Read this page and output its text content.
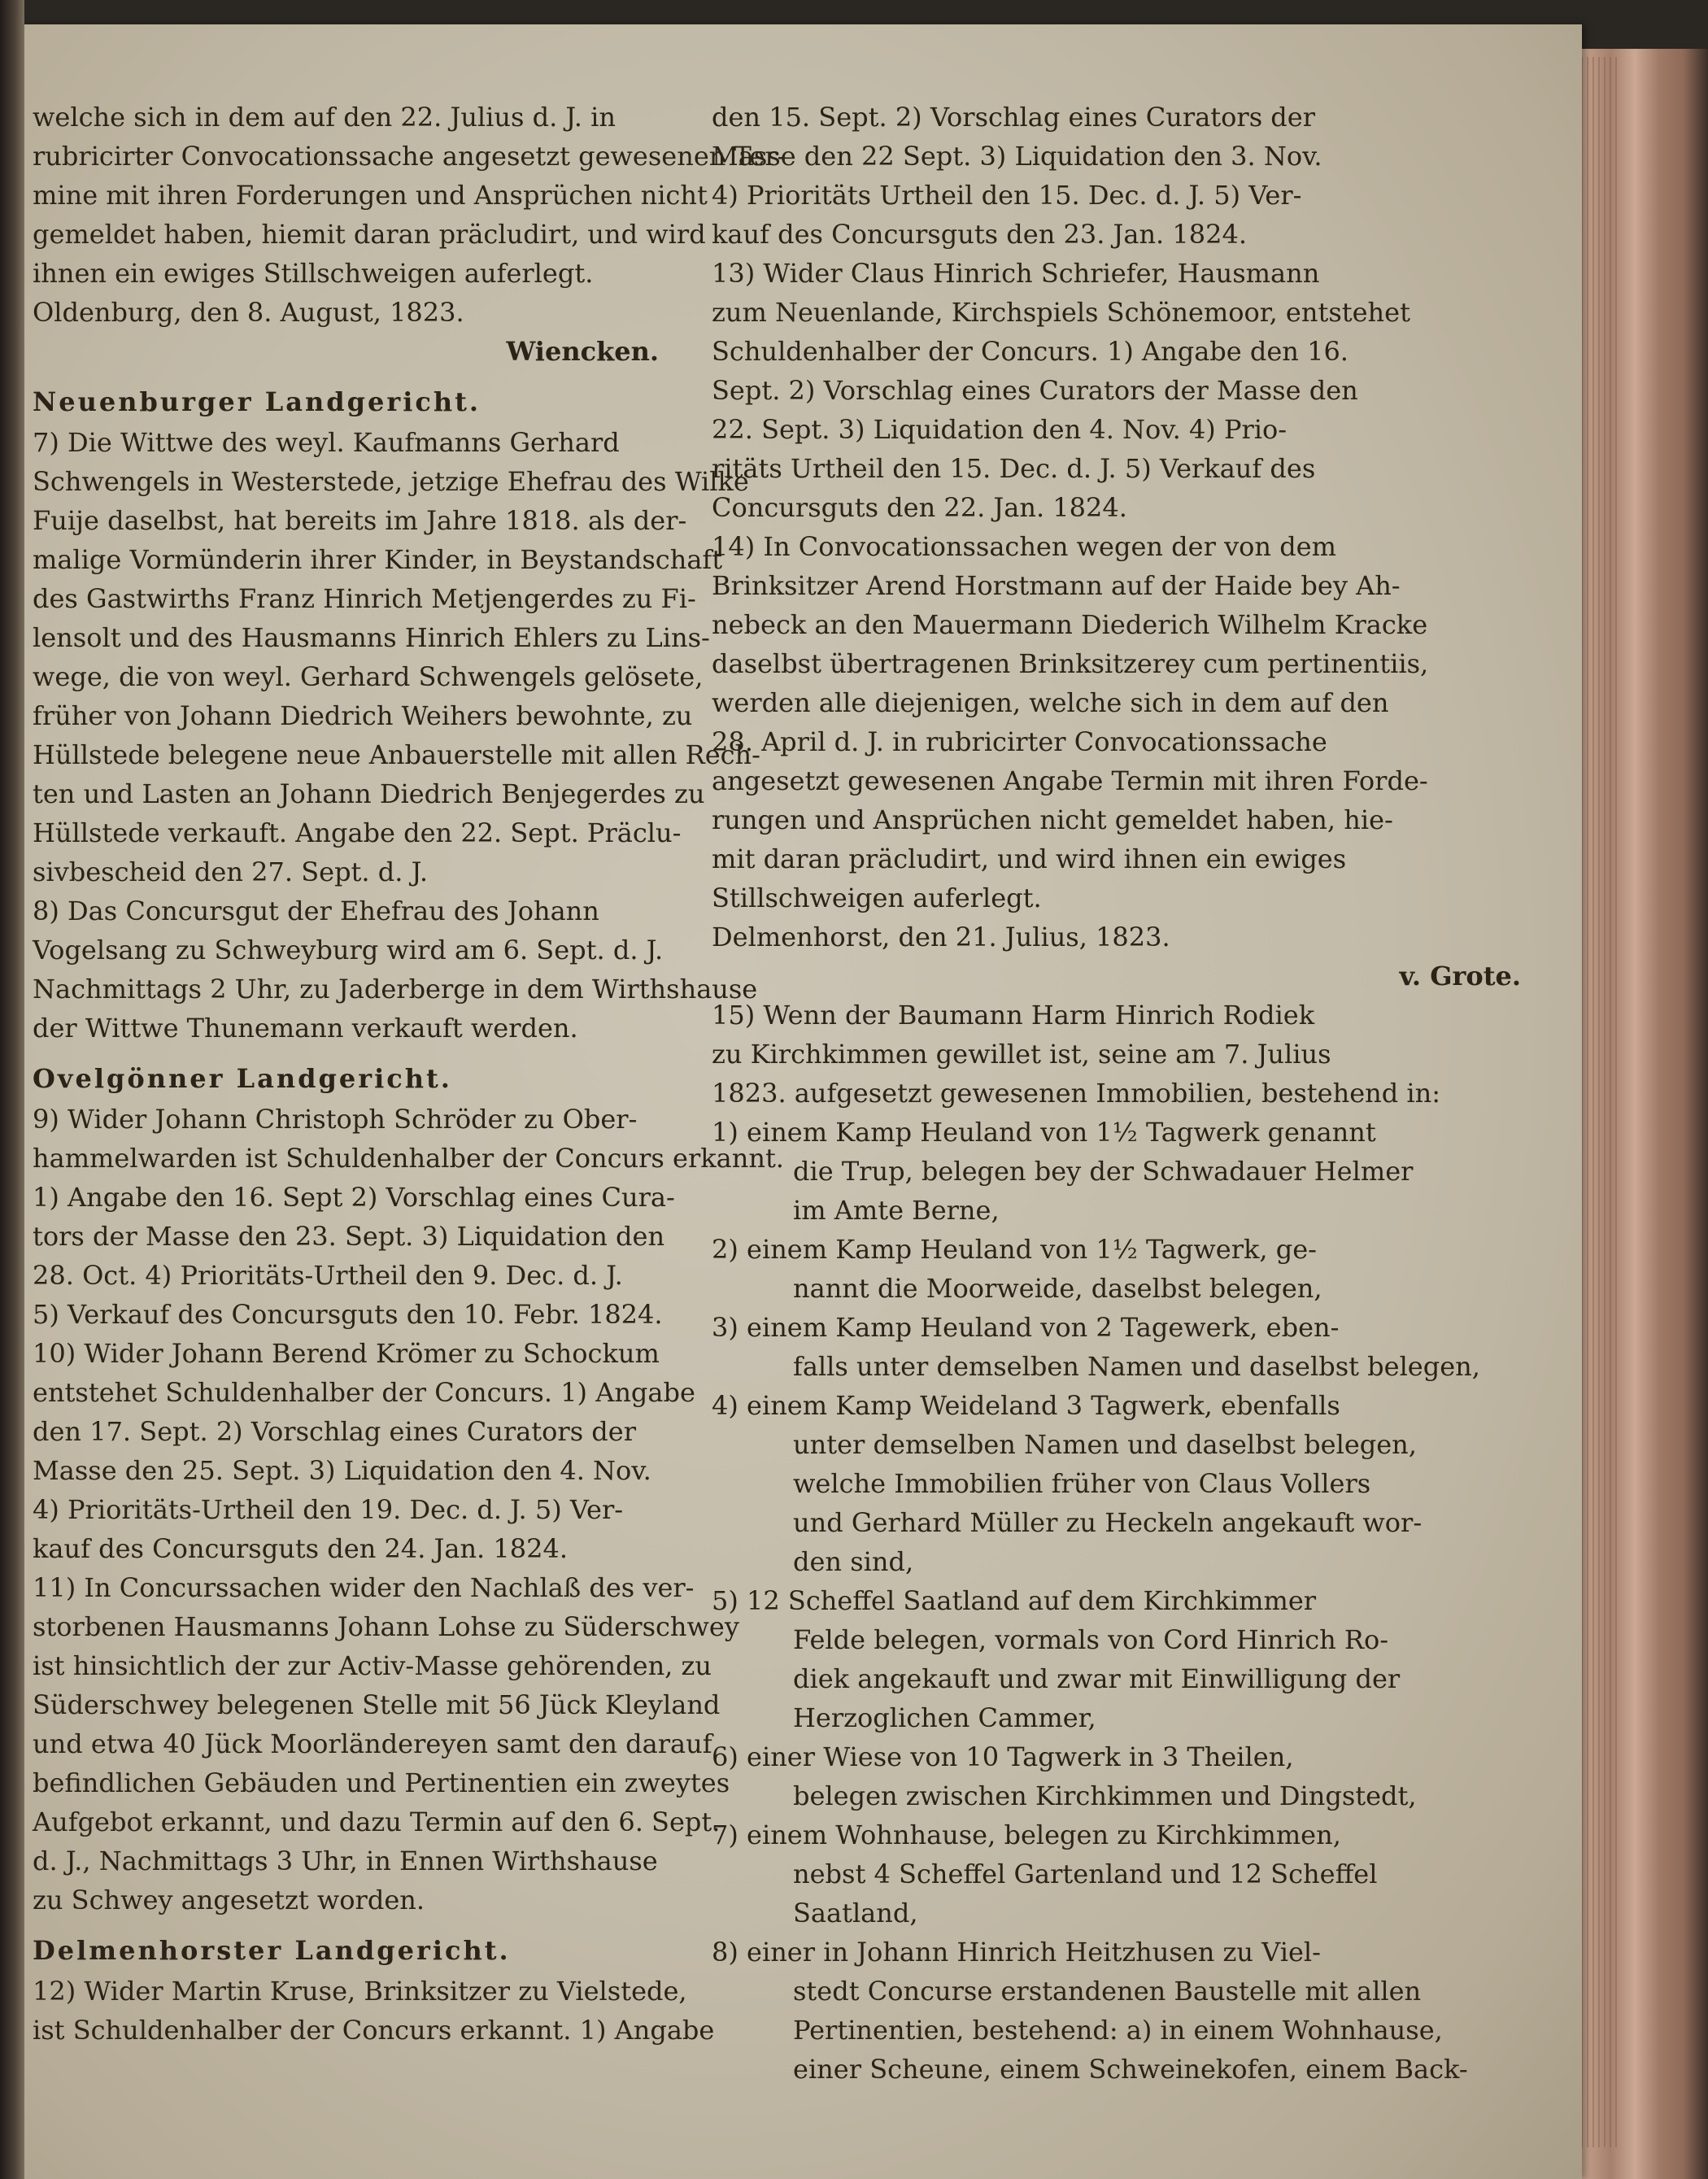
welche sich in dem auf den 22. Julius d. J. in
rubricirter Convocationssache angesetzt gewesenen Ter-
mine mit ihren Forderungen und Ansprüchen nicht
gemeldet haben, hiemit daran präcludirt, und wird
ihnen ein ewiges Stillschweigen auferlegt.
Oldenburg, den 8. August, 1823.
Wiencken.
Neuenburger Landgericht.
7) Die Wittwe des weyl. Kaufmanns Gerhard
Schwengels in Westerstede, jetzige Ehefrau des Wilke
Fuije daselbst, hat bereits im Jahre 1818. als der-
malige Vormünderin ihrer Kinder, in Beystandschaft
des Gastwirths Franz Hinrich Metjengerdes zu Fi-
lensolt und des Hausmanns Hinrich Ehlers zu Lins-
wege, die von weyl. Gerhard Schwengels gelösete,
früher von Johann Diedrich Weihers bewohnte, zu
Hüllstede belegene neue Anbauerstelle mit allen Rech-
ten und Lasten an Johann Diedrich Benjegerdes zu
Hüllstede verkauft. Angabe den 22. Sept. Präclu-
sivbescheid den 27. Sept. d. J.
8) Das Concursgut der Ehefrau des Johann
Vogelsang zu Schweyburg wird am 6. Sept. d. J.
Nachmittags 2 Uhr, zu Jaderberge in dem Wirthshause
der Wittwe Thunemann verkauft werden.
Ovelgönner Landgericht.
9) Wider Johann Christoph Schröder zu Ober-
hammelwarden ist Schuldenhalber der Concurs erkannt.
1) Angabe den 16. Sept 2) Vorschlag eines Cura-
tors der Masse den 23. Sept. 3) Liquidation den
28. Oct. 4) Prioritäts-Urtheil den 9. Dec. d. J.
5) Verkauf des Concursguts den 10. Febr. 1824.
10) Wider Johann Berend Krömer zu Schockum
entstehet Schuldenhalber der Concurs. 1) Angabe
den 17. Sept. 2) Vorschlag eines Curators der
Masse den 25. Sept. 3) Liquidation den 4. Nov.
4) Prioritäts-Urtheil den 19. Dec. d. J. 5) Ver-
kauf des Concursguts den 24. Jan. 1824.
11) In Concurssachen wider den Nachlaß des ver-
storbenen Hausmanns Johann Lohse zu Süderschwey
ist hinsichtlich der zur Activ-Masse gehörenden, zu
Süderschwey belegenen Stelle mit 56 Jück Kleyland
und etwa 40 Jück Moorländereyen samt den darauf
befindlichen Gebäuden und Pertinentien ein zweytes
Aufgebot erkannt, und dazu Termin auf den 6. Sept.
d. J., Nachmittags 3 Uhr, in Ennen Wirthshause
zu Schwey angesetzt worden.
Delmenhorster Landgericht.
12) Wider Martin Kruse, Brinksitzer zu Vielstede,
ist Schuldenhalber der Concurs erkannt. 1) Angabe
den 15. Sept. 2) Vorschlag eines Curators der
Masse den 22 Sept. 3) Liquidation den 3. Nov.
4) Prioritäts Urtheil den 15. Dec. d. J. 5) Ver-
kauf des Concursguts den 23. Jan. 1824.
13) Wider Claus Hinrich Schriefer, Hausmann
zum Neuenlande, Kirchspiels Schönemoor, entstehet
Schuldenhalber der Concurs. 1) Angabe den 16.
Sept. 2) Vorschlag eines Curators der Masse den
22. Sept. 3) Liquidation den 4. Nov. 4) Prio-
ritäts Urtheil den 15. Dec. d. J. 5) Verkauf des
Concursguts den 22. Jan. 1824.
14) In Convocationssachen wegen der von dem
Brinksitzer Arend Horstmann auf der Haide bey Ah-
nebeck an den Mauermann Diederich Wilhelm Kracke
daselbst übertragenen Brinksitzerey cum pertinentiis,
werden alle diejenigen, welche sich in dem auf den
28. April d. J. in rubricirter Convocationssache
angesetzt gewesenen Angabe Termin mit ihren Forde-
rungen und Ansprüchen nicht gemeldet haben, hie-
mit daran präcludirt, und wird ihnen ein ewiges
Stillschweigen auferlegt.
Delmenhorst, den 21. Julius, 1823.
v. Grote.
15) Wenn der Baumann Harm Hinrich Rodiek
zu Kirchkimmen gewillet ist, seine am 7. Julius
1823. aufgesetzt gewesenen Immobilien, bestehend in:
1) einem Kamp Heuland von 1½ Tagwerk genannt
die Trup, belegen bey der Schwadauer Helmer
im Amte Berne,
2) einem Kamp Heuland von 1½ Tagwerk, ge-
nannt die Moorweide, daselbst belegen,
3) einem Kamp Heuland von 2 Tagewerk, eben-
falls unter demselben Namen und daselbst belegen,
4) einem Kamp Weideland 3 Tagwerk, ebenfalls
unter demselben Namen und daselbst belegen,
welche Immobilien früher von Claus Vollers
und Gerhard Müller zu Heckeln angekauft wor-
den sind,
5) 12 Scheffel Saatland auf dem Kirchkimmer
Felde belegen, vormals von Cord Hinrich Ro-
diek angekauft und zwar mit Einwilligung der
Herzoglichen Cammer,
6) einer Wiese von 10 Tagwerk in 3 Theilen,
belegen zwischen Kirchkimmen und Dingstedt,
7) einem Wohnhause, belegen zu Kirchkimmen,
nebst 4 Scheffel Gartenland und 12 Scheffel
Saatland,
8) einer in Johann Hinrich Heitzhusen zu Viel-
stedt Concurse erstandenen Baustelle mit allen
Pertinentien, bestehend: a) in einem Wohnhause,
einer Scheune, einem Schweinekofen, einem Back-
